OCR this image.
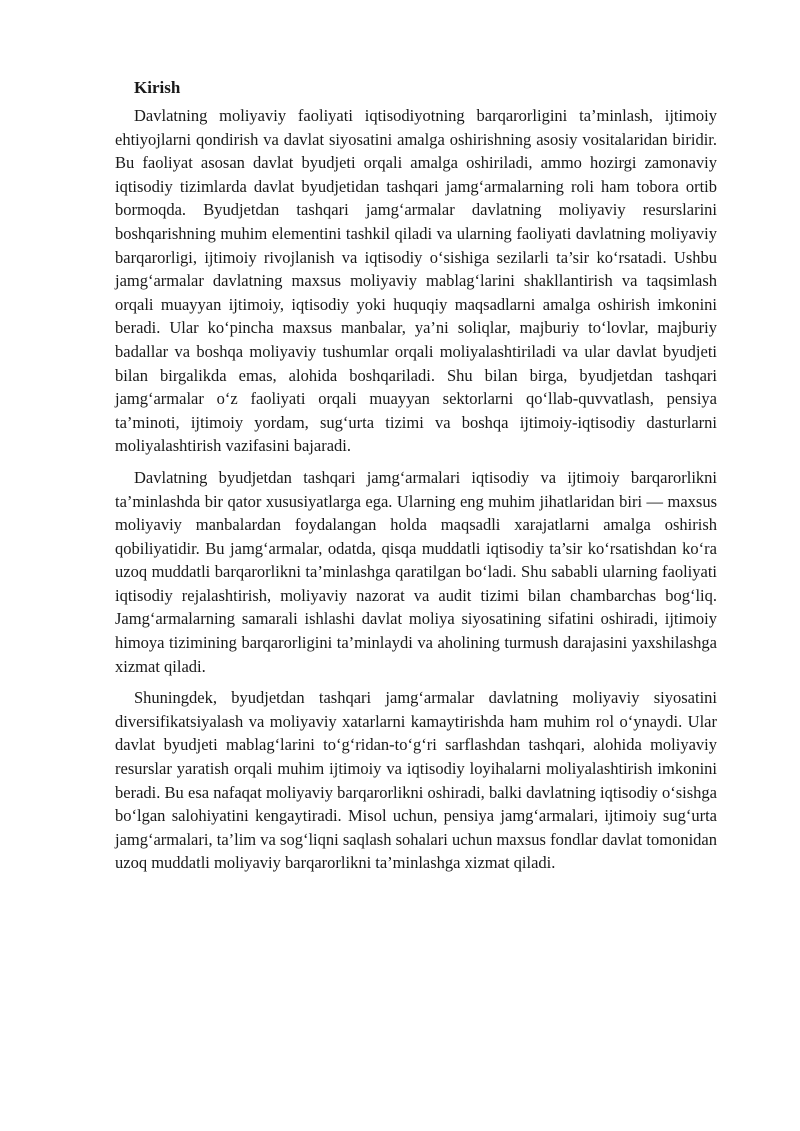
Kirish

Davlatning moliyaviy faoliyati iqtisodiyotning barqarorligini ta’minlash, ijtimoiy ehtiyojlarni qondirish va davlat siyosatini amalga oshirishning asosiy vositalaridan biridir. Bu faoliyat asosan davlat byudjeti orqali amalga oshiriladi, ammo hozirgi zamonaviy iqtisodiy tizimlarda davlat byudjetidan tashqari jamg‘armalarning roli ham tobora ortib bormoqda. Byudjetdan tashqari jamg‘armalar davlatning moliyaviy resurslarini boshqarishning muhim elementini tashkil qiladi va ularning faoliyati davlatning moliyaviy barqarorligi, ijtimoiy rivojlanish va iqtisodiy o‘sishiga sezilarli ta’sir ko‘rsatadi. Ushbu jamg‘armalar davlatning maxsus moliyaviy mablag‘larini shakllantirish va taqsimlash orqali muayyan ijtimoiy, iqtisodiy yoki huquqiy maqsadlarni amalga oshirish imkonini beradi. Ular ko‘pincha maxsus manbalar, ya’ni soliqlar, majburiy to‘lovlar, majburiy badallar va boshqa moliyaviy tushumlar orqali moliyalashtiriladi va ular davlat byudjeti bilan birgalikda emas, alohida boshqariladi. Shu bilan birga, byudjetdan tashqari jamg‘armalar o‘z faoliyati orqali muayyan sektorlarni qo‘llab-quvvatlash, pensiya ta’minoti, ijtimoiy yordam, sug‘urta tizimi va boshqa ijtimoiy-iqtisodiy dasturlarni moliyalashtirish vazifasini bajaradi.

Davlatning byudjetdan tashqari jamg‘armalari iqtisodiy va ijtimoiy barqarorlikni ta’minlashda bir qator xususiyatlarga ega. Ularning eng muhim jihatlaridan biri — maxsus moliyaviy manbalardan foydalangan holda maqsadli xarajatlarni amalga oshirish qobiliyatidir. Bu jamg‘armalar, odatda, qisqa muddatli iqtisodiy ta’sir ko‘rsatishdan ko‘ra uzoq muddatli barqarorlikni ta’minlashga qaratilgan bo‘ladi. Shu sababli ularning faoliyati iqtisodiy rejalashtirish, moliyaviy nazorat va audit tizimi bilan chambarchas bog‘liq. Jamg‘armalarning samarali ishlashi davlat moliya siyosatining sifatini oshiradi, ijtimoiy himoya tizimining barqarorligini ta’minlaydi va aholining turmush darajasini yaxshilashga xizmat qiladi.

Shuningdek, byudjetdan tashqari jamg‘armalar davlatning moliyaviy siyosatini diversifikatsiyalash va moliyaviy xatarlarni kamaytirishda ham muhim rol o‘ynaydi. Ular davlat byudjeti mablag‘larini to‘g‘ridan-to‘g‘ri sarflashdan tashqari, alohida moliyaviy resurslar yaratish orqali muhim ijtimoiy va iqtisodiy loyihalarni moliyalashtirish imkonini beradi. Bu esa nafaqat moliyaviy barqarorlikni oshiradi, balki davlatning iqtisodiy o‘sishga bo‘lgan salohiyatini kengaytiradi. Misol uchun, pensiya jamg‘armalari, ijtimoiy sug‘urta jamg‘armalari, ta’lim va sog‘liqni saqlash sohalari uchun maxsus fondlar davlat tomonidan uzoq muddatli moliyaviy barqarorlikni ta’minlashga xizmat qiladi.
